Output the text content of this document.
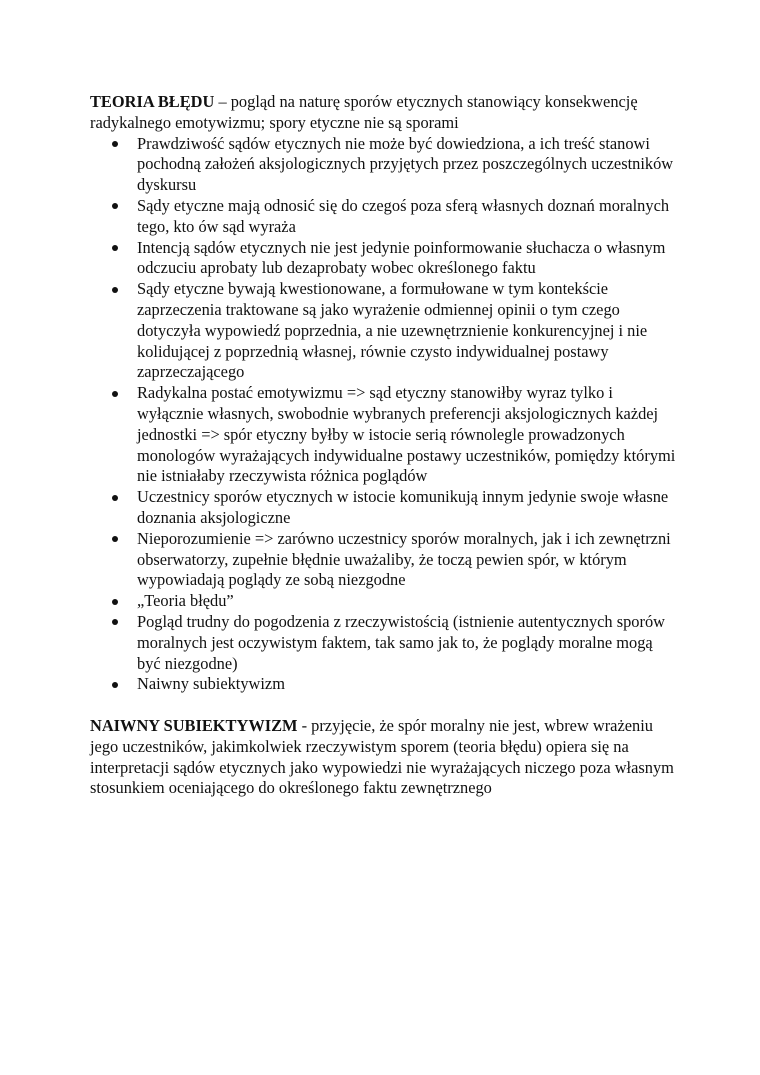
TEORIA BŁĘDU – pogląd na naturę sporów etycznych stanowiący konsekwencję radykalnego emotywizmu; spory etyczne nie są sporami

Prawdziwość sądów etycznych nie może być dowiedziona, a ich treść stanowi pochodną założeń aksjologicznych przyjętych przez poszczególnych uczestników dyskursu
Sądy etyczne mają odnosić się do czegoś poza sferą własnych doznań moralnych tego, kto ów sąd wyraża
Intencją sądów etycznych nie jest jedynie poinformowanie słuchacza o własnym odczuciu aprobaty lub dezaprobaty wobec określonego faktu
Sądy etyczne bywają kwestionowane, a formułowane w tym kontekście zaprzeczenia traktowane są jako wyrażenie odmiennej opinii o tym czego dotyczyła wypowiedź poprzednia, a nie uzewnętrznienie konkurencyjnej i nie kolidującej z poprzednią własnej, równie czysto indywidualnej postawy zaprzeczającego
Radykalna postać emotywizmu => sąd etyczny stanowiłby wyraz tylko i wyłącznie własnych, swobodnie wybranych preferencji aksjologicznych każdej jednostki => spór etyczny byłby w istocie serią równolegle prowadzonych monologów wyrażających indywidualne postawy uczestników, pomiędzy którymi nie istniałaby rzeczywista różnica poglądów
Uczestnicy sporów etycznych w istocie komunikują innym jedynie swoje własne doznania aksjologiczne
Nieporozumienie => zarówno uczestnicy sporów moralnych, jak i ich zewnętrzni obserwatorzy, zupełnie błędnie uważaliby, że toczą pewien spór, w którym wypowiadają poglądy ze sobą niezgodne
„Teoria błędu”
Pogląd trudny do pogodzenia z rzeczywistością (istnienie autentycznych sporów moralnych jest oczywistym faktem, tak samo jak to, że poglądy moralne mogą być niezgodne)
Naiwny subiektywizm

NAIWNY SUBIEKTYWIZM - przyjęcie, że spór moralny nie jest, wbrew wrażeniu jego uczestników, jakimkolwiek rzeczywistym sporem (teoria błędu) opiera się na interpretacji sądów etycznych jako wypowiedzi nie wyrażających niczego poza własnym stosunkiem oceniającego do określonego faktu zewnętrznego
